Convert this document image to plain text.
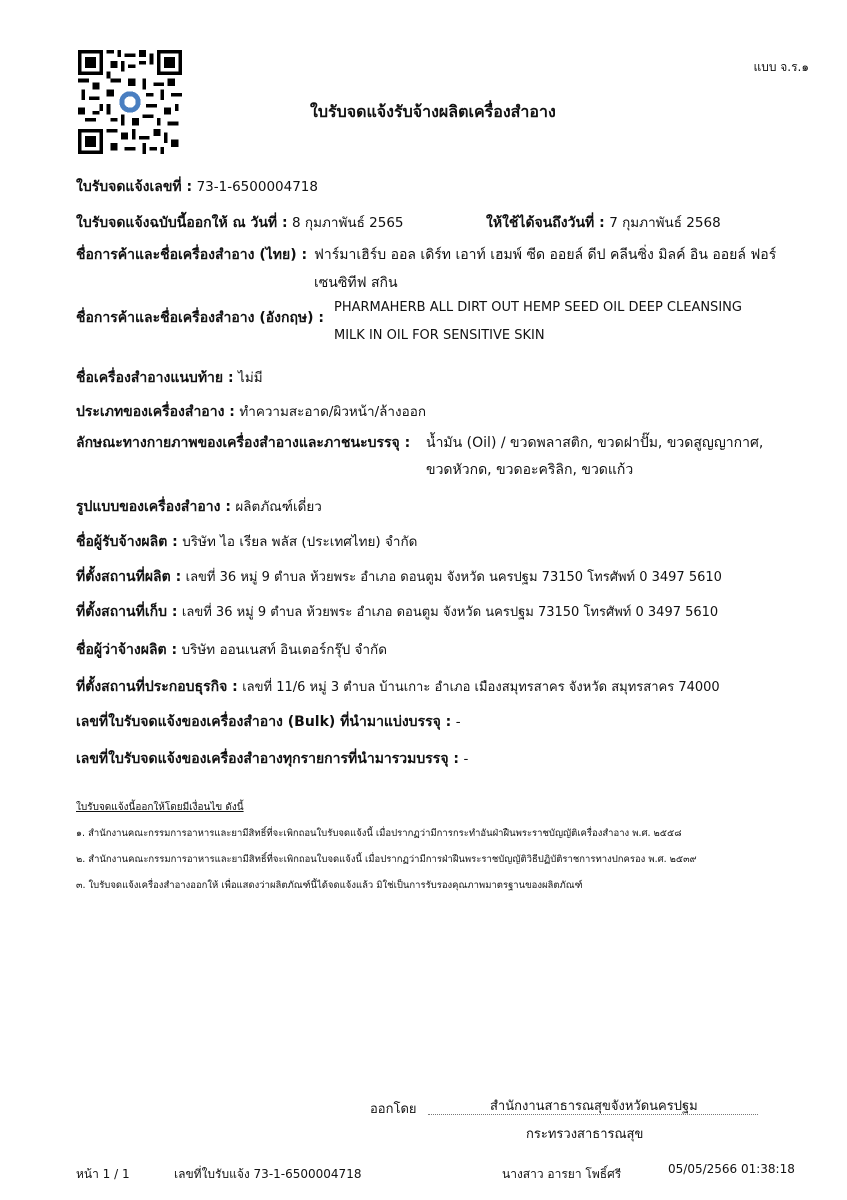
แบบ จ.ร.๑
ใบรับจดแจ้งรับจ้างผลิตเครื่องสำอาง
ใบรับจดแจ้งเลขที่ : 73-1-6500004718
ใบรับจดแจ้งฉบับนี้ออกให้ ณ วันที่ : 8 กุมภาพันธ์ 2565	ให้ใช้ได้จนถึงวันที่ : 7 กุมภาพันธ์ 2568
ชื่อการค้าและชื่อเครื่องสำอาง (ไทย) : ฟาร์มาเฮิร์บ ออล เดิร์ท เอาท์ เฮมพ์ ซีด ออยล์ ดีป คลีนซิ่ง มิลค์ อิน ออยล์ ฟอร์
เซนซิทีฟ สกิน
ชื่อการค้าและชื่อเครื่องสำอาง (อังกฤษ) :
PHARMAHERB ALL DIRT OUT HEMP SEED OIL DEEP CLEANSING
MILK IN OIL FOR SENSITIVE SKIN
ชื่อเครื่องสำอางแนบท้าย : ไม่มี
ประเภทของเครื่องสำอาง : ทำความสะอาด/ผิวหน้า/ล้างออก
ลักษณะทางกายภาพของเครื่องสำอางและภาชนะบรรจุ : น้ำมัน (Oil) / ขวดพลาสติก, ขวดฝาปั๊ม, ขวดสูญญากาศ,
ขวดหัวกด, ขวดอะคริลิก, ขวดแก้ว
รูปแบบของเครื่องสำอาง : ผลิตภัณฑ์เดี่ยว
ชื่อผู้รับจ้างผลิต : บริษัท ไอ เรียล พลัส (ประเทศไทย) จำกัด
ที่ตั้งสถานที่ผลิต : เลขที่ 36 หมู่ 9 ตำบล ห้วยพระ อำเภอ ดอนตูม จังหวัด นครปฐม 73150 โทรศัพท์ 0 3497 5610
ที่ตั้งสถานที่เก็บ : เลขที่ 36 หมู่ 9 ตำบล ห้วยพระ อำเภอ ดอนตูม จังหวัด นครปฐม 73150 โทรศัพท์ 0 3497 5610
ชื่อผู้ว่าจ้างผลิต : บริษัท ออนเนสท์ อินเตอร์กรุ๊ป จำกัด
ที่ตั้งสถานที่ประกอบธุรกิจ : เลขที่ 11/6 หมู่ 3 ตำบล บ้านเกาะ อำเภอ เมืองสมุทรสาคร จังหวัด สมุทรสาคร 74000
เลขที่ใบรับจดแจ้งของเครื่องสำอาง (Bulk) ที่นำมาแบ่งบรรจุ : -
เลขที่ใบรับจดแจ้งของเครื่องสำอางทุกรายการที่นำมารวมบรรจุ : -
ใบรับจดแจ้งนี้ออกให้โดยมีเงื่อนไข ดังนี้
๑. สำนักงานคณะกรรมการอาหารและยามีสิทธิ์ที่จะเพิกถอนใบรับจดแจ้งนี้ เมื่อปรากฏว่ามีการกระทำอันฝ่าฝืนพระราชบัญญัติเครื่องสำอาง พ.ศ. ๒๕๕๘
๒. สำนักงานคณะกรรมการอาหารและยามีสิทธิ์ที่จะเพิกถอนใบจดแจ้งนี้ เมื่อปรากฏว่ามีการฝ่าฝืนพระราชบัญญัติวิธีปฏิบัติราชการทางปกครอง พ.ศ. ๒๕๓๙
๓. ใบรับจดแจ้งเครื่องสำอางออกให้ เพื่อแสดงว่าผลิตภัณฑ์นี้ได้จดแจ้งแล้ว มิใช่เป็นการรับรองคุณภาพมาตรฐานของผลิตภัณฑ์
ออกโดย	สำนักงานสาธารณสุขจังหวัดนครปฐม
กระทรวงสาธารณสุข
หน้า 1 / 1	เลขที่ใบรับแจ้ง 73-1-6500004718	นางสาว อารยา โพธิ์ศรี	05/05/2566 01:38:18
